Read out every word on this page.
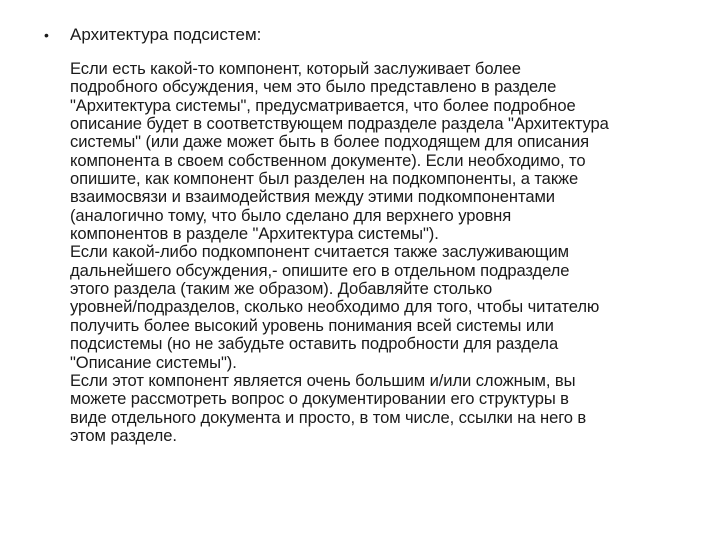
•	Архитектура подсистем:
Если есть какой-то компонент, который заслуживает более
подробного обсуждения, чем это было представлено в разделе
"Архитектура системы", предусматривается, что более подробное
описание будет в соответствующем подразделе раздела "Архитектура
системы" (или даже может быть в более подходящем для описания
компонента в своем собственном документе). Если необходимо, то
опишите, как компонент был разделен на подкомпоненты, а также
взаимосвязи и взаимодействия между этими подкомпонентами
(аналогично тому, что было сделано для верхнего уровня
компонентов в разделе "Архитектура системы").
Если какой-либо подкомпонент считается также заслуживающим
дальнейшего обсуждения,- опишите его в отдельном подразделе
этого раздела (таким же образом). Добавляйте столько
уровней/подразделов, сколько необходимо для того, чтобы читателю
получить более высокий уровень понимания всей системы или
подсистемы (но не забудьте оставить подробности для раздела
"Описание системы").
Если этот компонент является очень большим и/или сложным, вы
можете рассмотреть вопрос о документировании его структуры в
виде отдельного документа и просто, в том числе, ссылки на него в
этом разделе.
